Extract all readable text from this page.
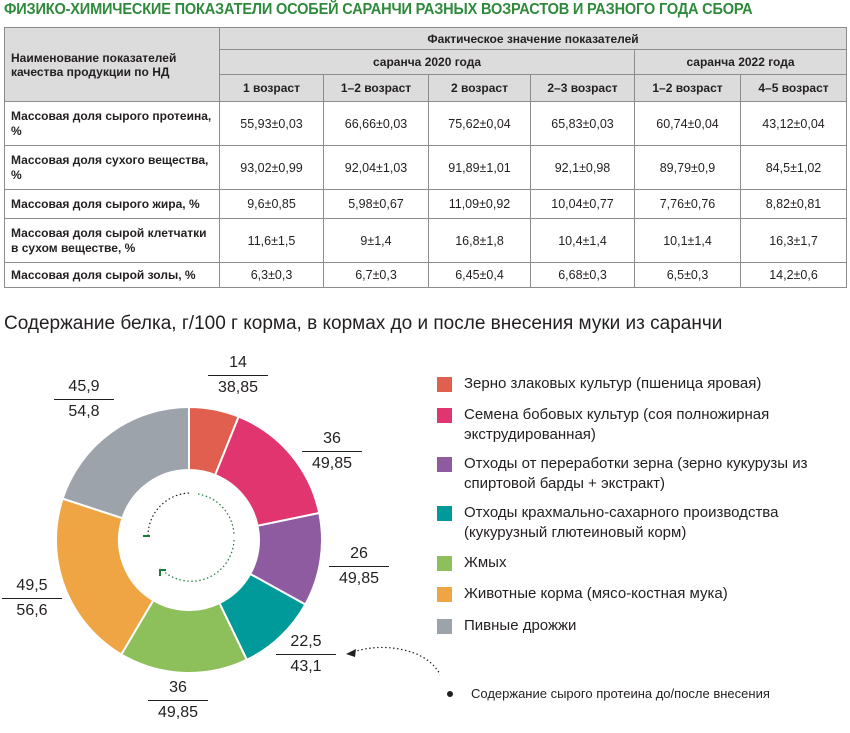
ФИЗИКО-ХИМИЧЕСКИЕ ПОКАЗАТЕЛИ ОСОБЕЙ САРАНЧИ РАЗНЫХ ВОЗРАСТОВ И РАЗНОГО ГОДА СБОРА
Наименование показателей качества продукции по НД	Фактическое значение показателей					
	саранча 2020 года				саранча 2022 года	
	1 возраст	1–2 возраст	2 возраст	2–3 возраст	1–2 возраст	4–5 возраст
Массовая доля сырого протеина, %	55,93±0,03	66,66±0,03	75,62±0,04	65,83±0,03	60,74±0,04	43,12±0,04
Массовая доля сухого вещества, %	93,02±0,99	92,04±1,03	91,89±1,01	92,1±0,98	89,79±0,9	84,5±1,02
Массовая доля сырого жира, %	9,6±0,85	5,98±0,67	11,09±0,92	10,04±0,77	7,76±0,76	8,82±0,81
Массовая доля сырой клетчатки в сухом веществе, %	11,6±1,5	9±1,4	16,8±1,8	10,4±1,4	10,1±1,4	16,3±1,7
Массовая доля сырой золы, %	6,3±0,3	6,7±0,3	6,45±0,4	6,68±0,3	6,5±0,3	14,2±0,6
Содержание белка, г/100 г корма, в кормах до и после внесения муки из саранчи
14
38,85
36
49,85
26
49,85
22,5
43,1
36
49,85
49,5
56,6
45,9
54,8
Зерно злаковых культур (пшеница яровая)
Семена бобовых культур (соя полножирная экструдированная)
Отходы от переработки зерна (зерно кукурузы из спиртовой барды + экстракт)
Отходы крахмально-сахарного производства (кукурузный глютеиновый корм)
Жмых
Животные корма (мясо-костная мука)
Пивные дрожжи
Содержание сырого протеина до/после внесения
